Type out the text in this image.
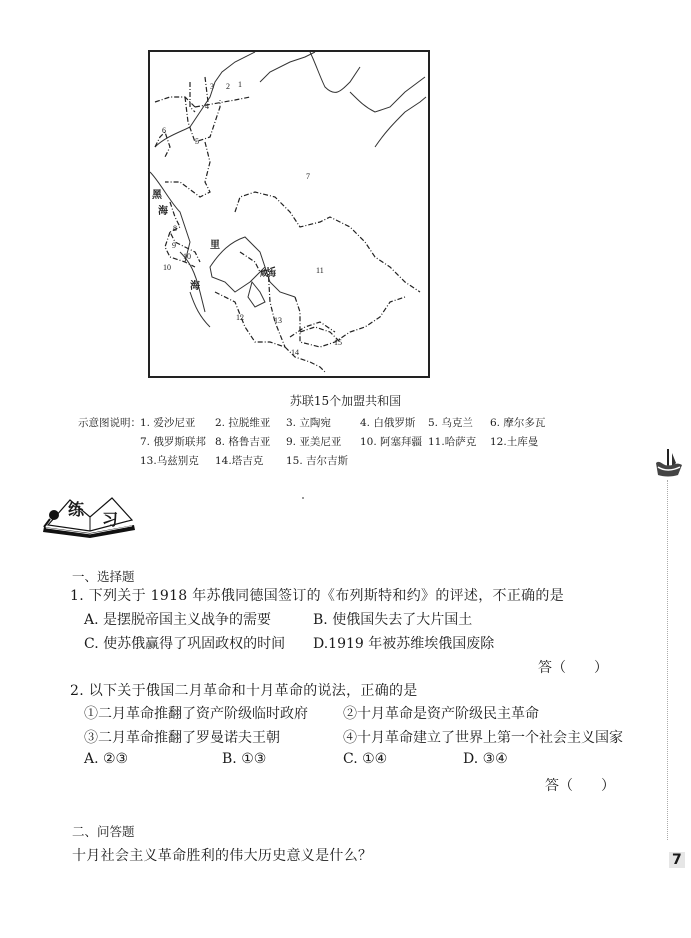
1
2
3
4
5
6
7
8
9
10
10	11
12	13
14
15
黑
海
里
海
咸海
苏联15个加盟共和国
示意图说明： 1. 爱沙尼亚 2. 拉脱维亚 3. 立陶宛	4. 白俄罗斯 5. 乌克兰 6. 摩尔多瓦
7. 俄罗斯联邦 8. 格鲁吉亚 9. 亚美尼亚 10. 阿塞拜疆 11.哈萨克 12.土库曼
13.乌兹别克 14.塔吉克 15. 吉尔吉斯
练
习
一、选择题
1. 下列关于 1918 年苏俄同德国签订的《布列斯特和约》的评述，不正确的是
A. 是摆脱帝国主义战争的需要	B. 使俄国失去了大片国土
C. 使苏俄赢得了巩固政权的时间 D.1919 年被苏维埃俄国废除
答（　　）
2. 以下关于俄国二月革命和十月革命的说法，正确的是
①二月革命推翻了资产阶级临时政府	②十月革命是资产阶级民主革命
③二月革命推翻了罗曼诺夫王朝	④十月革命建立了世界上第一个社会主义国家
A. ②③	B. ①③	C. ①④	D. ③④
答（　　）
二、问答题
十月社会主义革命胜利的伟大历史意义是什么？	7
